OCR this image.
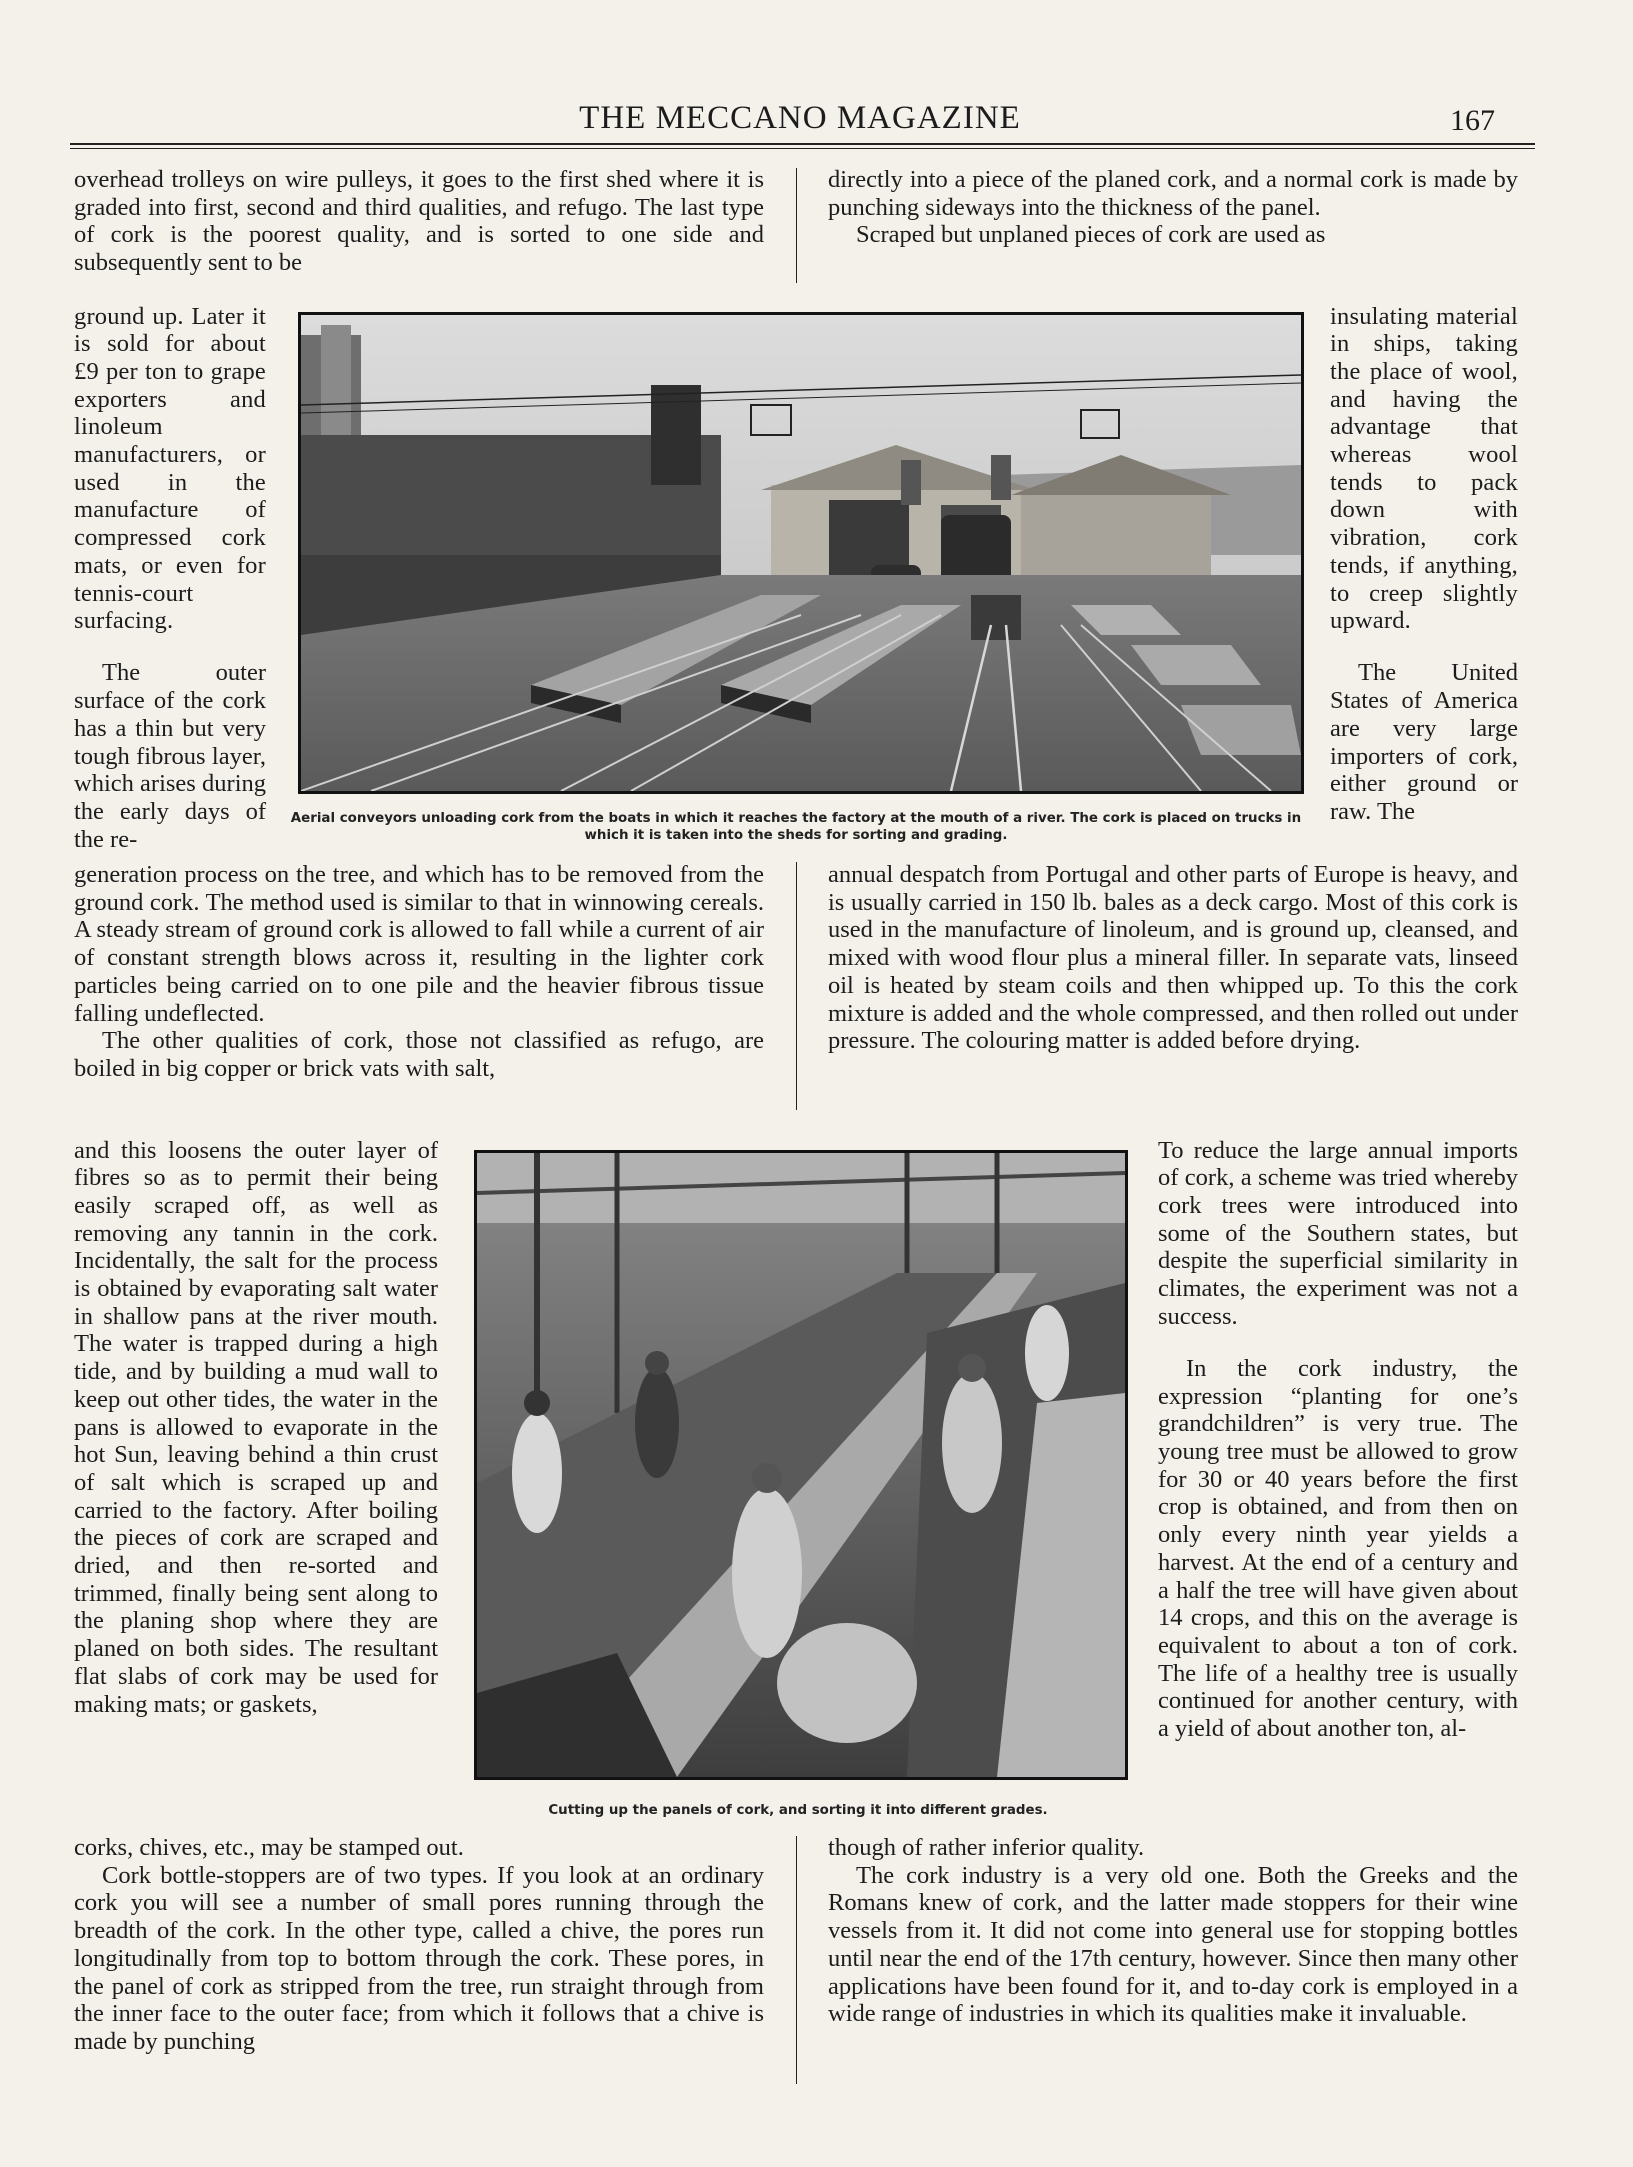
THE MECCANO MAGAZINE	167

overhead trolleys on wire pulleys, it goes to the first shed where it is graded into first, second and third qualities, and refugo. The last type of cork is the poorest quality, and is sorted to one side and subsequently sent to be

ground up. Later it is sold for about £9 per ton to grape exporters and linoleum manufacturers, or used in the manufacture of compressed cork mats, or even for tennis-court surfacing.

The outer surface of the cork has a thin but very tough fibrous layer, which arises during the early days of the re-

Aerial conveyors unloading cork from the boats in which it reaches the factory at the mouth of a river. The cork is placed on trucks in which it is taken into the sheds for sorting and grading.

directly into a piece of the planed cork, and a normal cork is made by punching sideways into the thickness of the panel.

Scraped but unplaned pieces of cork are used as

insulating material in ships, taking the place of wool, and having the advantage that whereas wool tends to pack down with vibration, cork tends, if anything, to creep slightly upward.

The United States of America are very large importers of cork, either ground or raw. The

generation process on the tree, and which has to be removed from the ground cork. The method used is similar to that in winnowing cereals. A steady stream of ground cork is allowed to fall while a current of air of constant strength blows across it, resulting in the lighter cork particles being carried on to one pile and the heavier fibrous tissue falling undeflected.

The other qualities of cork, those not classified as refugo, are boiled in big copper or brick vats with salt,

annual despatch from Portugal and other parts of Europe is heavy, and is usually carried in 150 lb. bales as a deck cargo. Most of this cork is used in the manufacture of linoleum, and is ground up, cleansed, and mixed with wood flour plus a mineral filler. In separate vats, linseed oil is heated by steam coils and then whipped up. To this the cork mixture is added and the whole compressed, and then rolled out under pressure. The colouring matter is added before drying.

and this loosens the outer layer of fibres so as to permit their being easily scraped off, as well as removing any tannin in the cork. Incidentally, the salt for the process is obtained by evaporating salt water in shallow pans at the river mouth. The water is trapped during a high tide, and by building a mud wall to keep out other tides, the water in the pans is allowed to evaporate in the hot Sun, leaving behind a thin crust of salt which is scraped up and carried to the factory. After boiling the pieces of cork are scraped and dried, and then re-sorted and trimmed, finally being sent along to the planing shop where they are planed on both sides. The resultant flat slabs of cork may be used for making mats; or gaskets,

Cutting up the panels of cork, and sorting it into different grades.

To reduce the large annual imports of cork, a scheme was tried whereby cork trees were introduced into some of the Southern states, but despite the superficial similarity in climates, the experiment was not a success.

In the cork industry, the expression “planting for one’s grandchildren” is very true. The young tree must be allowed to grow for 30 or 40 years before the first crop is obtained, and from then on only every ninth year yields a harvest. At the end of a century and a half the tree will have given about 14 crops, and this on the average is equivalent to about a ton of cork. The life of a healthy tree is usually continued for another century, with a yield of about another ton, al-

corks, chives, etc., may be stamped out.

Cork bottle-stoppers are of two types. If you look at an ordinary cork you will see a number of small pores running through the breadth of the cork. In the other type, called a chive, the pores run longitudinally from top to bottom through the cork. These pores, in the panel of cork as stripped from the tree, run straight through from the inner face to the outer face; from which it follows that a chive is made by punching

though of rather inferior quality.

The cork industry is a very old one. Both the Greeks and the Romans knew of cork, and the latter made stoppers for their wine vessels from it. It did not come into general use for stopping bottles until near the end of the 17th century, however. Since then many other applications have been found for it, and to-day cork is employed in a wide range of industries in which its qualities make it invaluable.
